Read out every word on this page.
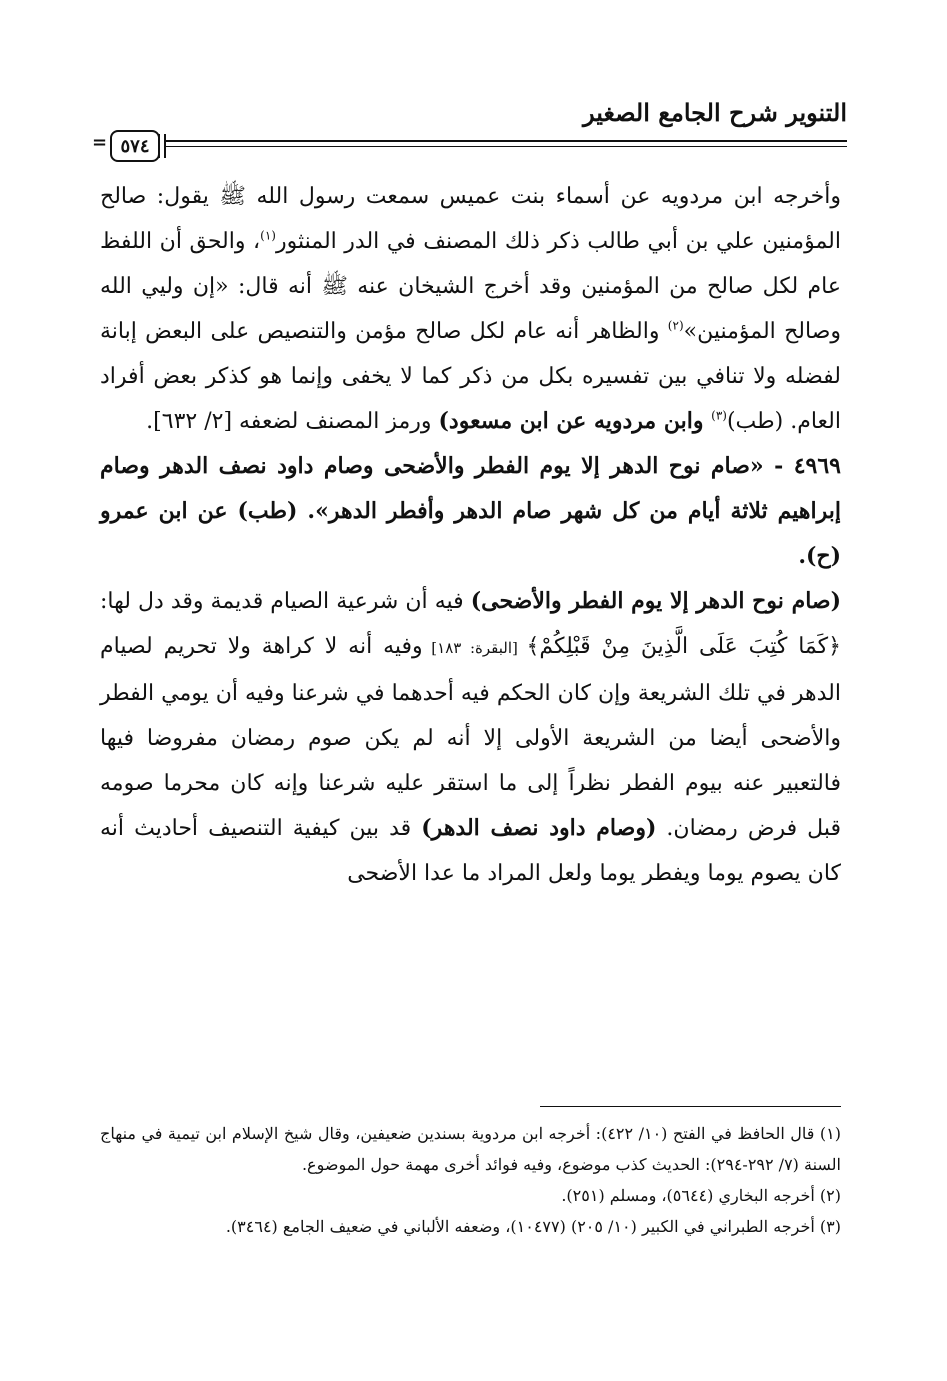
التنوير شرح الجامع الصغير
٥٧٤
=

وأخرجه ابن مردويه عن أسماء بنت عميس سمعت رسول الله ﷺ يقول: صالح المؤمنين علي بن أبي طالب ذكر ذلك المصنف في الدر المنثور$^{(١)}$، والحق أن اللفظ عام لكل صالح من المؤمنين وقد أخرج الشيخان عنه ﷺ أنه قال: «إن وليي الله وصالح المؤمنين»$^{(٢)}$ والظاهر أنه عام لكل صالح مؤمن والتنصيص على البعض إبانة لفضله ولا تنافي بين تفسيره بكل من ذكر كما لا يخفى وإنما هو كذكر بعض أفراد العام. (طب)$^{(٣)}$ وابن مردويه عن ابن مسعود) ورمز المصنف لضعفه [٢/ ٦٣٢].

٤٩٦٩ - «صام نوح الدهر إلا يوم الفطر والأضحى وصام داود نصف الدهر وصام إبراهيم ثلاثة أيام من كل شهر صام الدهر وأفطر الدهر». (طب) عن ابن عمرو (ح).

(صام نوح الدهر إلا يوم الفطر والأضحى) فيه أن شرعية الصيام قديمة وقد دل لها: ﴿كَمَا كُتِبَ عَلَى الَّذِينَ مِنْ قَبْلِكُمْ﴾ [البقرة: ١٨٣] وفيه أنه لا كراهة ولا تحريم لصيام الدهر في تلك الشريعة وإن كان الحكم فيه أحدهما في شرعنا وفيه أن يومي الفطر والأضحى أيضا من الشريعة الأولى إلا أنه لم يكن صوم رمضان مفروضا فيها فالتعبير عنه بيوم الفطر نظراً إلى ما استقر عليه شرعنا وإنه كان محرما صومه قبل فرض رمضان. (وصام داود نصف الدهر) قد بين كيفية التنصيف أحاديث أنه كان يصوم يوما ويفطر يوما ولعل المراد ما عدا الأضحى

(١) قال الحافظ في الفتح (١٠/ ٤٢٢): أخرجه ابن مردوية بسندين ضعيفين، وقال شيخ الإسلام ابن تيمية في منهاج السنة (٧/ ٢٩٢-٢٩٤): الحديث كذب موضوع، وفيه فوائد أخرى مهمة حول الموضوع.

(٢) أخرجه البخاري (٥٦٤٤)، ومسلم (٢٥١).

(٣) أخرجه الطبراني في الكبير (١٠/ ٢٠٥) (١٠٤٧٧)، وضعفه الألباني في ضعيف الجامع (٣٤٦٤).
